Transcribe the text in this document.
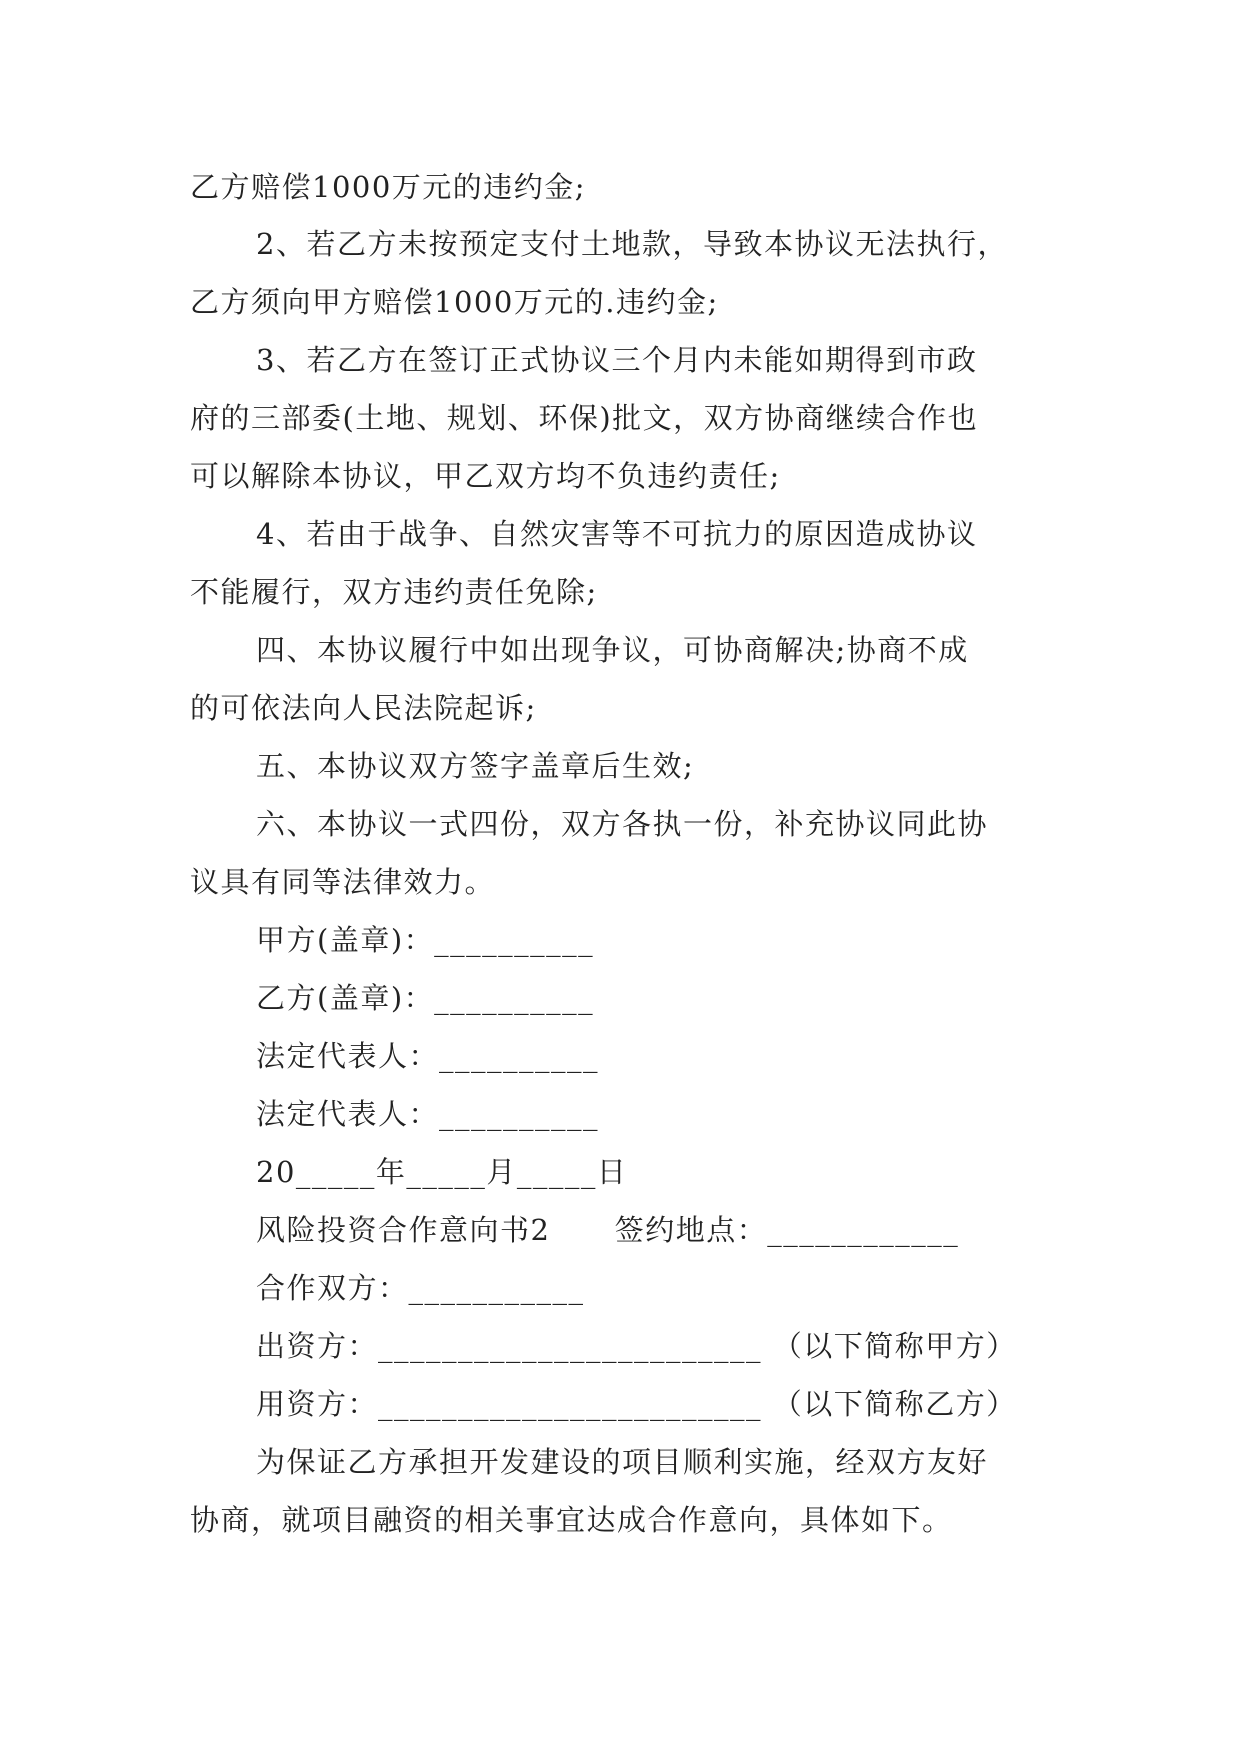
乙方赔偿1000万元的违约金;
2、若乙方未按预定支付土地款，导致本协议无法执行，
乙方须向甲方赔偿1000万元的.违约金;
3、若乙方在签订正式协议三个月内未能如期得到市政
府的三部委(土地、规划、环保)批文，双方协商继续合作也
可以解除本协议，甲乙双方均不负违约责任;
4、若由于战争、自然灾害等不可抗力的原因造成协议
不能履行，双方违约责任免除;
四、本协议履行中如出现争议，可协商解决;协商不成
的可依法向人民法院起诉;
五、本协议双方签字盖章后生效;
六、本协议一式四份，双方各执一份，补充协议同此协
议具有同等法律效力。
甲方(盖章)：__________
乙方(盖章)：__________
法定代表人：__________
法定代表人：__________
20_____年_____月_____日
风险投资合作意向书2      签约地点：____________
合作双方：___________
出资方：________________________ （以下简称甲方）
用资方：________________________ （以下简称乙方）
为保证乙方承担开发建设的项目顺利实施，经双方友好
协商，就项目融资的相关事宜达成合作意向，具体如下。
